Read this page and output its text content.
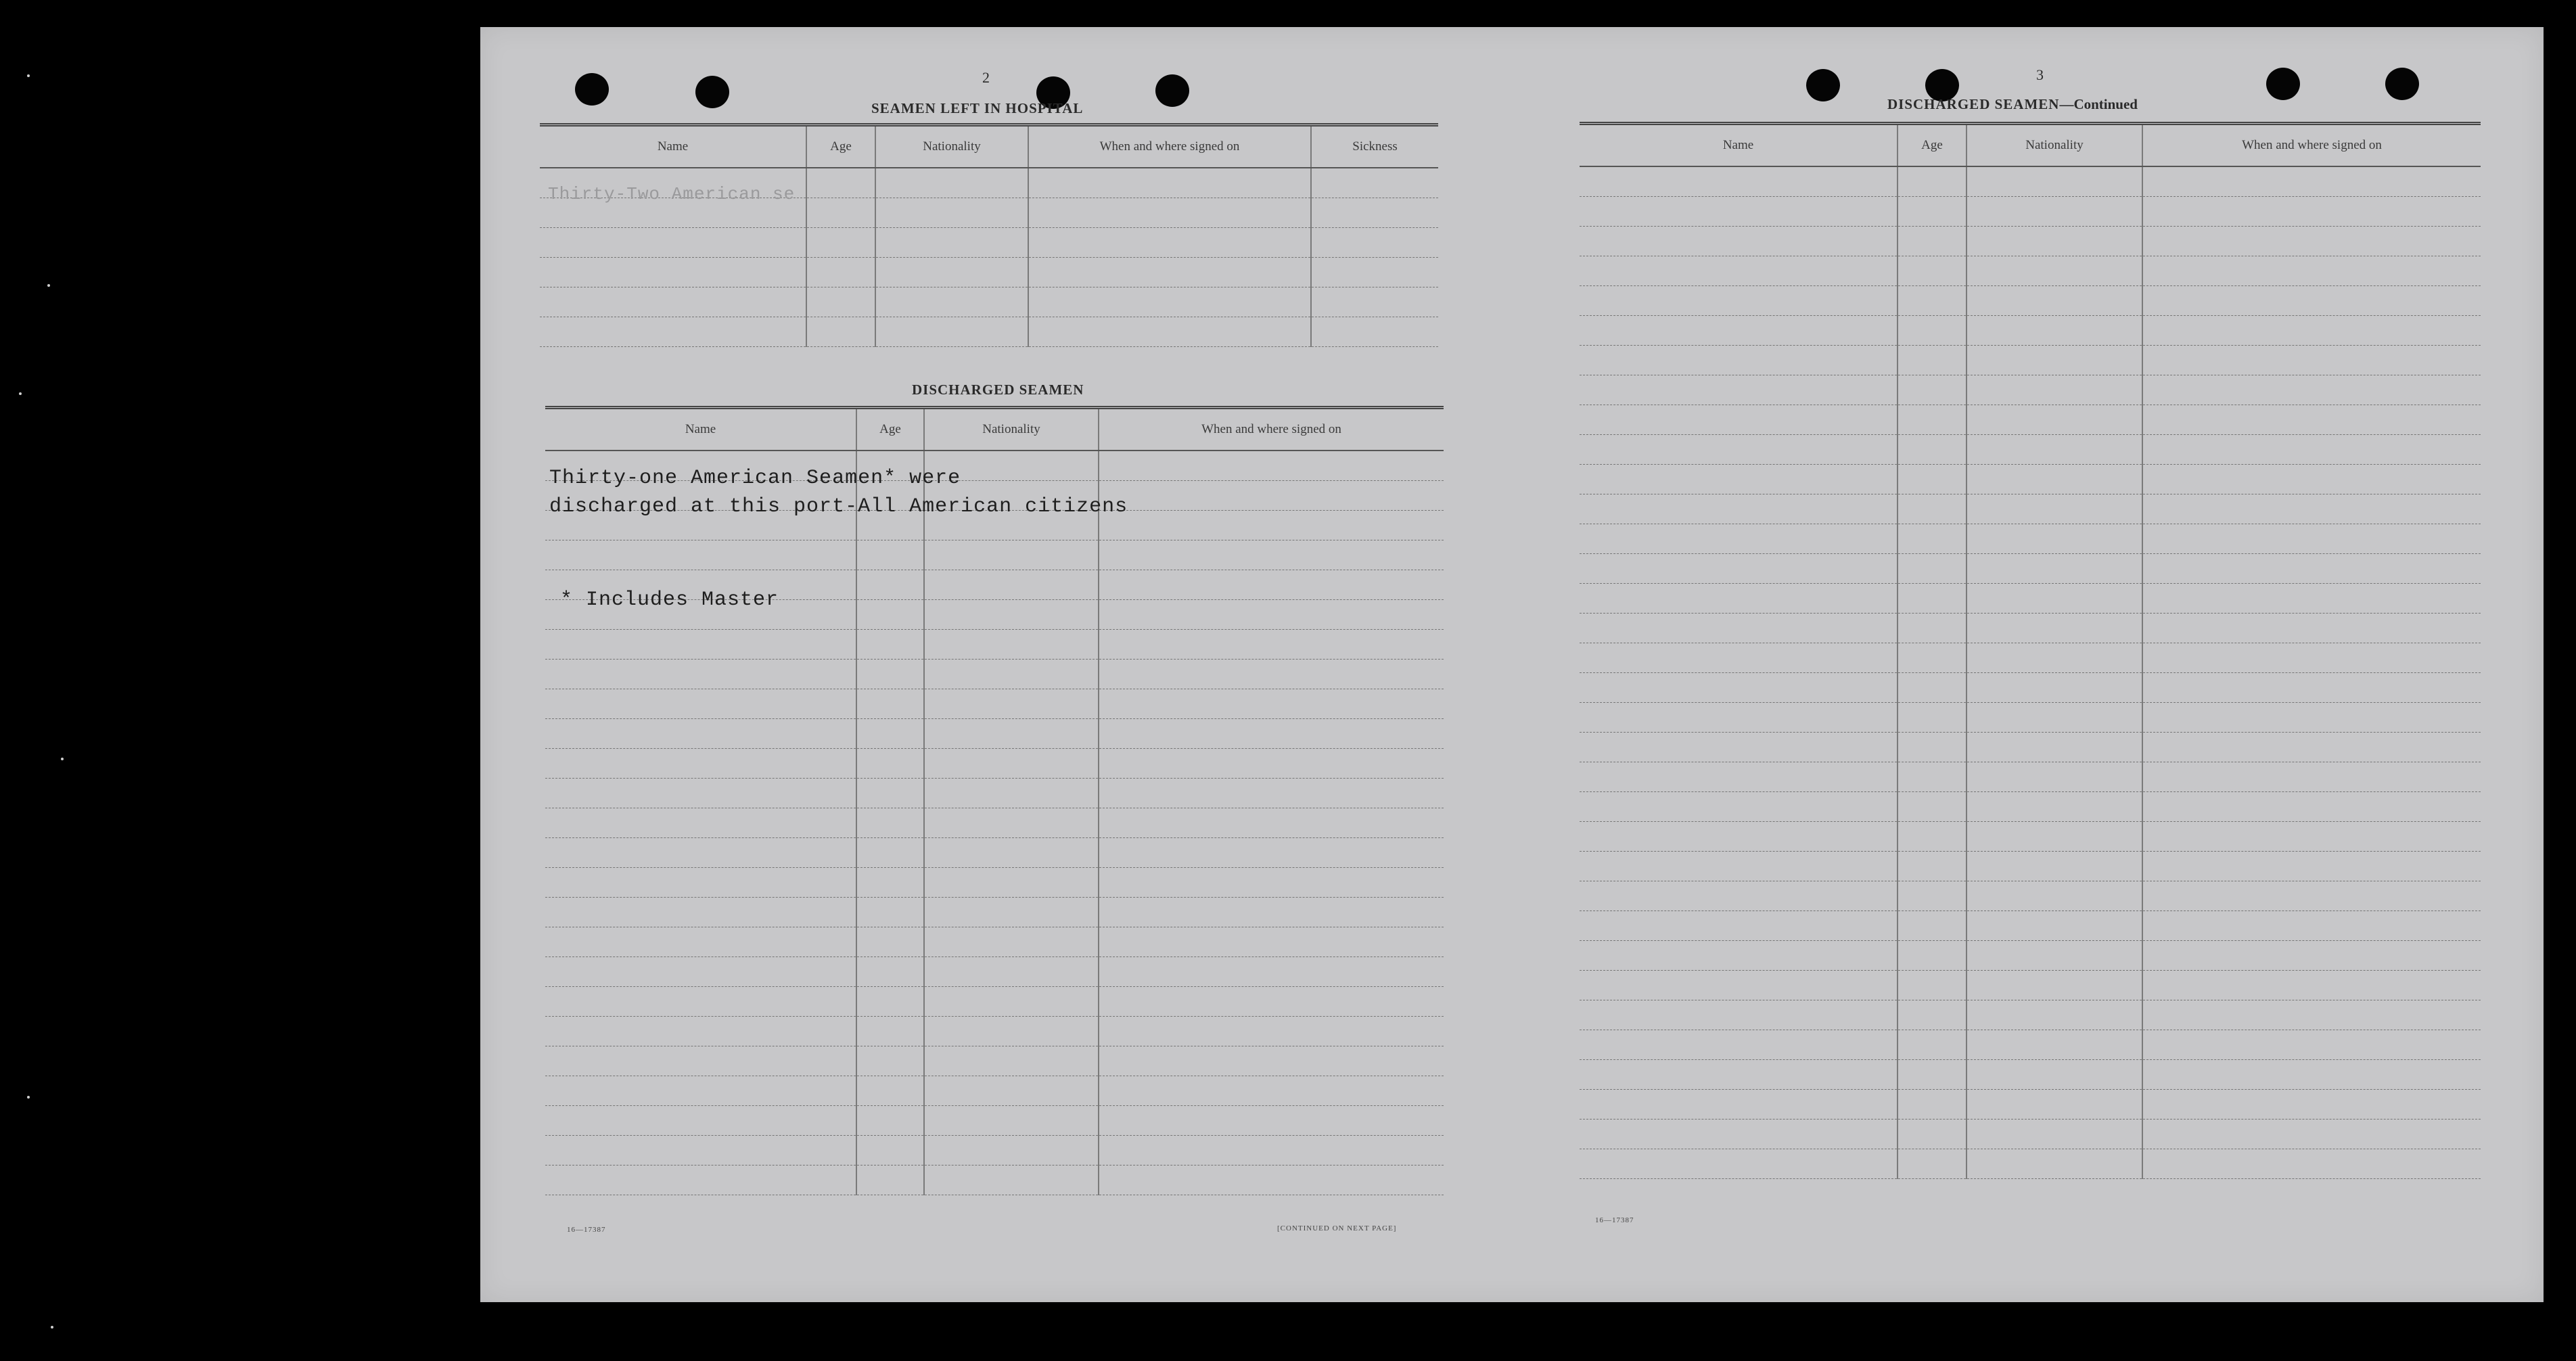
2
SEAMEN LEFT IN HOSPITAL
Name	Age	Nationality	When and where signed on	Sickness

Thirty-Two American se
DISCHARGED SEAMEN
Name	Age	Nationality	When and where signed on

Thirty-one American Seamen* were
discharged at this port-All American citizens
* Includes Master
16—17387	[CONTINUED ON NEXT PAGE]
3
DISCHARGED SEAMEN—Continued
Name	Age	Nationality	When and where signed on

16—17387
